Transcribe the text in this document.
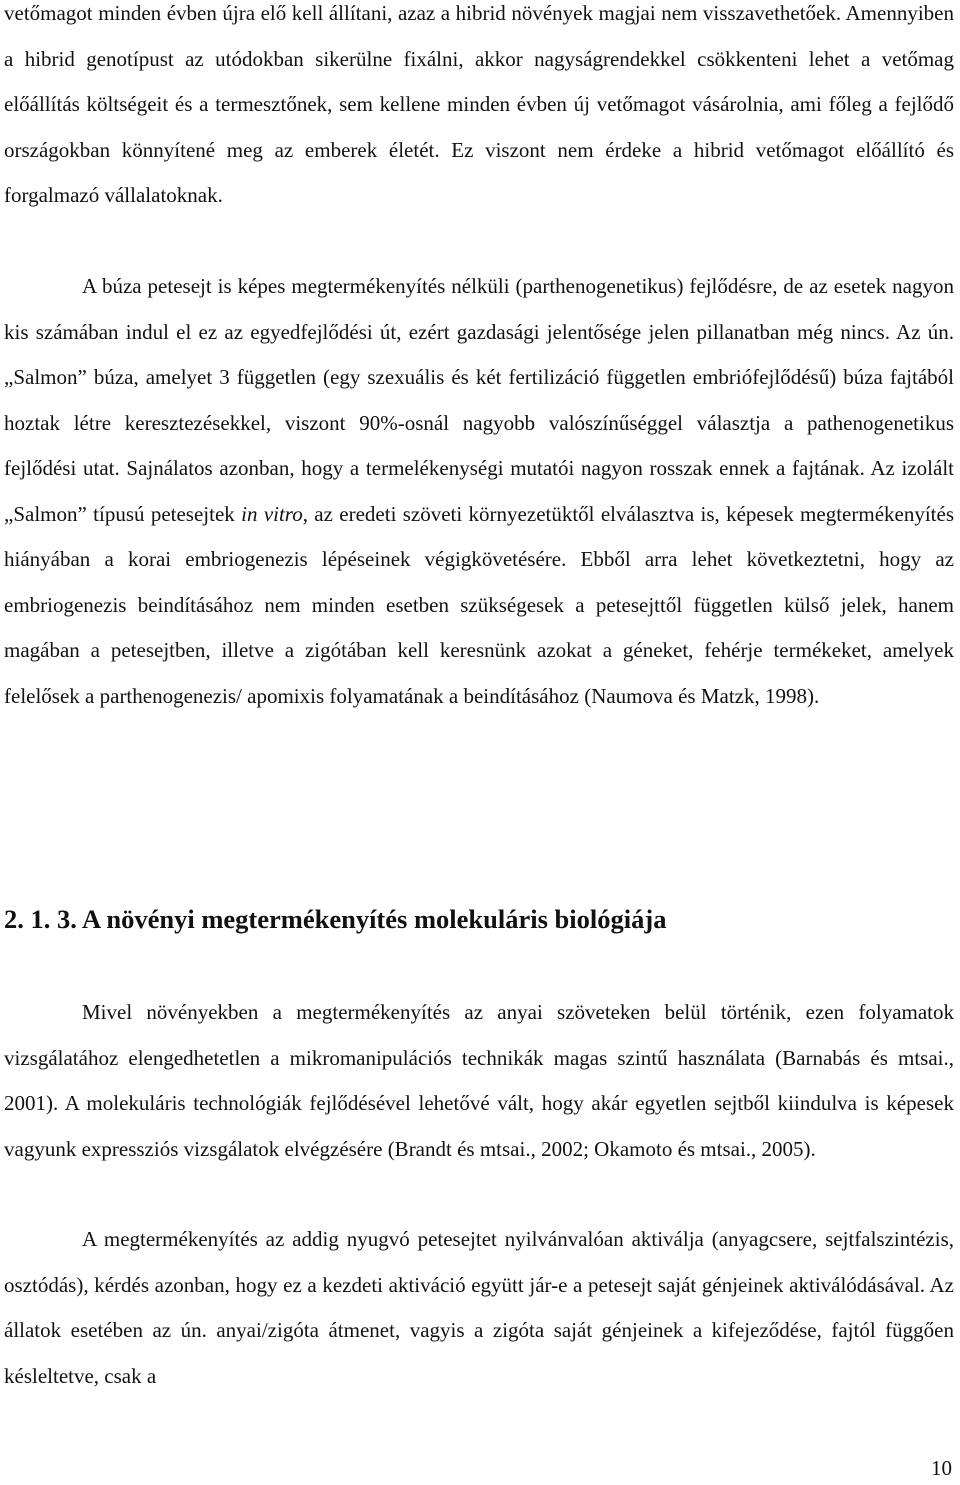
vetőmagot minden évben újra elő kell állítani, azaz a hibrid növények magjai nem visszavethetőek. Amennyiben a hibrid genotípust az utódokban sikerülne fixálni, akkor nagyságrendekkel csökkenteni lehet a vetőmag előállítás költségeit és a termesztőnek, sem kellene minden évben új vetőmagot vásárolnia, ami főleg a fejlődő országokban könnyítené meg az emberek életét. Ez viszont nem érdeke a hibrid vetőmagot előállító és forgalmazó vállalatoknak.

A búza petesejt is képes megtermékenyítés nélküli (parthenogenetikus) fejlődésre, de az esetek nagyon kis számában indul el ez az egyedfejlődési út, ezért gazdasági jelentősége jelen pillanatban még nincs. Az ún. „Salmon” búza, amelyet 3 független (egy szexuális és két fertilizáció független embriófejlődésű) búza fajtából hoztak létre keresztezésekkel, viszont 90%-osnál nagyobb valószínűséggel választja a pathenogenetikus fejlődési utat. Sajnálatos azonban, hogy a termelékenységi mutatói nagyon rosszak ennek a fajtának. Az izolált „Salmon” típusú petesejtek in vitro, az eredeti szöveti környezetüktől elválasztva is, képesek megtermékenyítés hiányában a korai embriogenezis lépéseinek végigkövetésére. Ebből arra lehet következtetni, hogy az embriogenezis beindításához nem minden esetben szükségesek a petesejttől független külső jelek, hanem magában a petesejtben, illetve a zigótában kell keresnünk azokat a géneket, fehérje termékeket, amelyek felelősek a parthenogenezis/ apomixis folyamatának a beindításához (Naumova és Matzk, 1998).

2. 1. 3. A növényi megtermékenyítés molekuláris biológiája

Mivel növényekben a megtermékenyítés az anyai szöveteken belül történik, ezen folyamatok vizsgálatához elengedhetetlen a mikromanipulációs technikák magas szintű használata (Barnabás és mtsai., 2001). A molekuláris technológiák fejlődésével lehetővé vált, hogy akár egyetlen sejtből kiindulva is képesek vagyunk expressziós vizsgálatok elvégzésére (Brandt és mtsai., 2002; Okamoto és mtsai., 2005).

A megtermékenyítés az addig nyugvó petesejtet nyilvánvalóan aktiválja (anyagcsere, sejtfalszintézis, osztódás), kérdés azonban, hogy ez a kezdeti aktiváció együtt jár-e a petesejt saját génjeinek aktiválódásával. Az állatok esetében az ún. anyai/zigóta átmenet, vagyis a zigóta saját génjeinek a kifejeződése, fajtól függően késleltetve, csak a

10
